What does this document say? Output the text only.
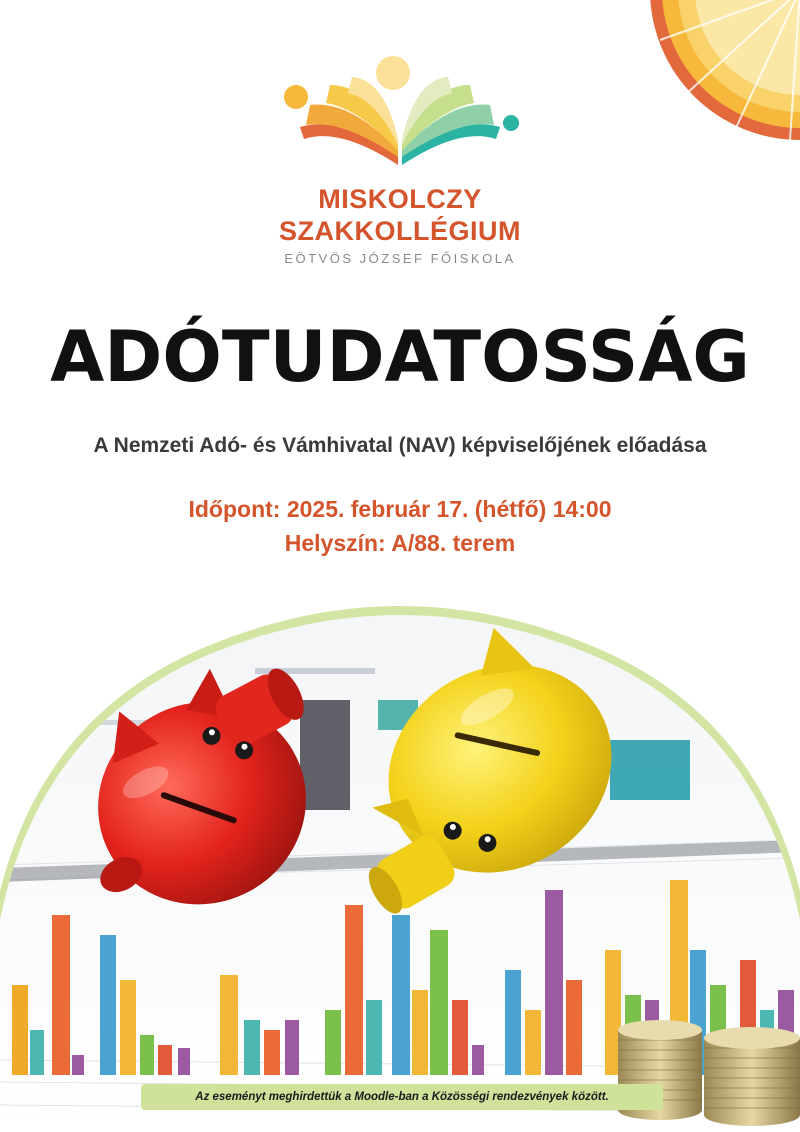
MISKOLCZY
SZAKKOLLÉGIUM
EÖTVÖS JÓZSEF FŐISKOLA
ADÓTUDATOSSÁG
A Nemzeti Adó- és Vámhivatal (NAV) képviselőjének előadása
Időpont: 2025. február 17. (hétfő) 14:00
Helyszín: A/88. terem
Az eseményt meghirdettük a Moodle-ban a Közösségi rendezvények között.
